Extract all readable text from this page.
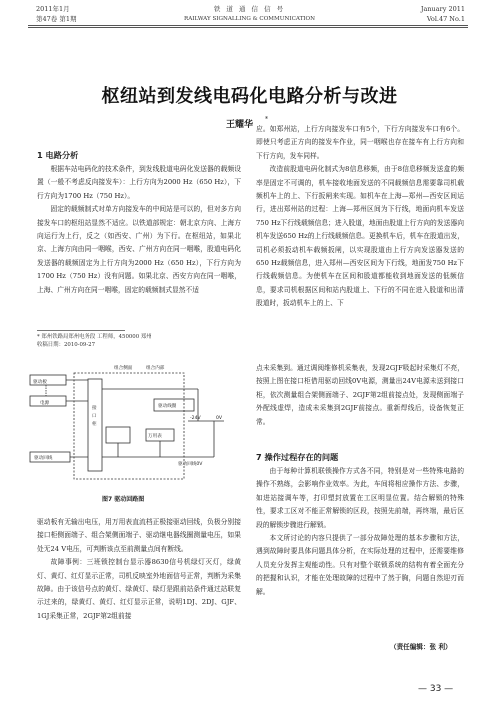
2011年1月
第47卷 第1期
铁 道 通 信 信 号
RAILWAY SIGNALLING & COMMUNICATION
January 2011
Vol.47 No.1
枢纽站到发线电码化电路分析与改进
王耀华
*
1 电路分析

根据车站电码化的技术条件，到发线股道电码化发送器的载频设置（一般不考虑反向接发车）：上行方向为2000 Hz（650 Hz），下行方向为1700 Hz（750 Hz）。

固定的载频制式对单方向接发车的中间站是可以的，但对多方向接发车口的枢纽站显然不适应。以铁道部规定：朝北京方向、上海方向运行为上行，反之（如西安、广州）为下行。在枢纽站，如果北京、上海方向由同一咽喉，西安、广州方向在同一咽喉，股道电码化发送器的载频固定为上行方向为2000 Hz（650 Hz），下行方向为1700 Hz（750 Hz）没有问题。如果北京、西安方向在同一咽喉，上海、广州方向在同一咽喉，固定的载频制式显然不适

* 郑州铁路局郑州电务段 工程师，450000 郑州
收稿日期：2010-09-27

应。如郑州站，上行方向接发车口有5个，下行方向接发车口有6个。即使只考虑正方向的接发车作业，同一咽喉也存在接车有上行方向和下行方向，发车同样。

改造前股道电码化制式为8信息移频，由于8信息移频发送盒的频率是固定不可调的，机车接收地面发送的不同载频信息需要靠司机载频机车上的上、下行扳闸来实现。如机车在上海—郑州—西安区间运行，进出郑州站的过程：上海—郑州区间为下行线，地面向机车发送750 Hz下行线载频信息；进入股道，地面由股道上行方向的发送器向机车发送650 Hz的上行线载频信息。更换机车后，机车在股道出发，司机必须扳动机车载频扳闸，以实现股道由上行方向发送器发送的650 Hz载频信息，进入郑州—西安区间为下行线，地面发750 Hz下行线载频信息。为使机车在区间和股道都能收到地面发送的低频信息，要求司机根据区间和站内股道上、下行的不同在进入股道和出清股道时，扳动机车上的上、下

组合侧面	组合内部
驱动板
电源
接
口
柜
驱动线圈
-24V	0V
万用表
驱动回线
驱动回线0V
图7 驱动回路图

点未采集到。通过调阅维修机采集表，发现2GJF吸起时采集灯不亮，按照上图在接口柜借用驱动回线0V电源，测量出24V电源未送到接口柜，依次测量组合架侧面端子、2GJF第2组前接点处，发现侧面端子外配线虚焊，造成未采集到2GJF前接点。重新焊线后，设备恢复正常。

7 操作过程存在的问题

由于每种计算机联锁操作方式各不同，特别是对一些特殊电路的操作不熟练，会影响作业效率。为此，车间将相应操作方法、步骤，如进站接调车等，打印塑封放置在工区明显位置。结合解锁的特殊性，要求工区对不能正常解锁的区段，按照先前端，再终端，最后区段的解锁步骤进行解锁。

本文所讨论的内容只提供了一部分故障处理的基本步骤和方法，遇到故障时要具体问题具体分析，在实际处理的过程中，还需要维修人员充分发挥主观能动性。只有对整个联锁系统的结构有着全面充分的把握和认识，才能在处理故障的过程中了然于胸，问题自然迎刃而解。

（责任编辑：张 利）

驱动板有无输出电压，用万用表直流档正极接驱动回线，负极分别接接口柜侧面端子、组合架侧面端子、驱动继电器线圈测量电压，如果处无24 V电压，可判断该点至前测量点间有断线。

故障事例：三班锁控制台显示器8630信号机绿灯灭灯，绿黄灯、黄灯、红灯显示正常，司机反映室外地面信号正常，判断为采集故障。由于该信号点的黄灯、绿黄灯、绿灯是跟前站条件通过站联复示过来的，绿黄灯、黄灯、红灯显示正常，说明1DJ、2DJ、GJF、1GJ采集正常，2GJF第2组前接

— 33 —
